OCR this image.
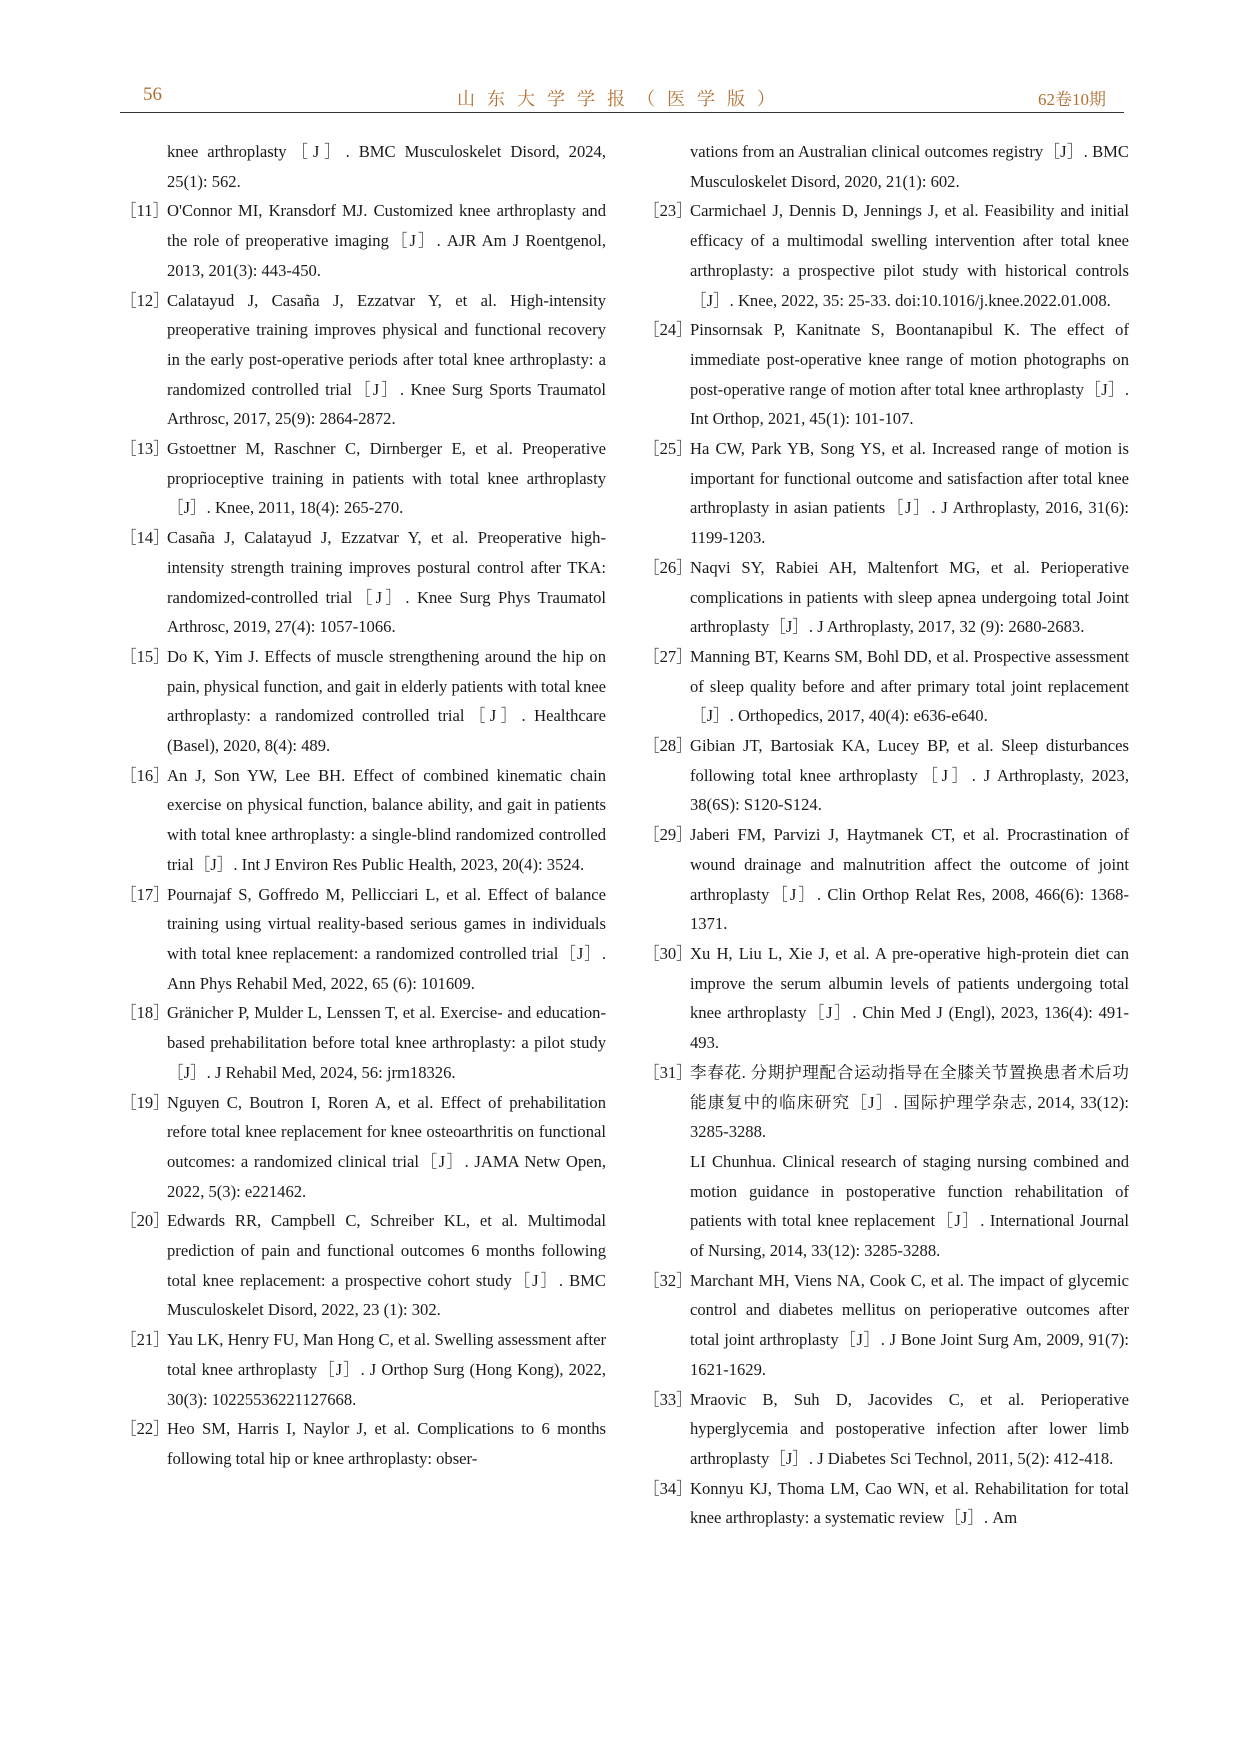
56	山东大学学报（医学版）	62卷10期
knee arthroplasty［J］. BMC Musculoskelet Disord, 2024, 25(1): 562.
［11］
O'Connor MI, Kransdorf MJ. Customized knee arthroplasty and the role of preoperative imaging［J］. AJR Am J Roentgenol, 2013, 201(3): 443-450.
［12］
Calatayud J, Casaña J, Ezzatvar Y, et al. High-intensity preoperative training improves physical and functional recovery in the early post-operative periods after total knee arthroplasty: a randomized controlled trial［J］. Knee Surg Sports Traumatol Arthrosc, 2017, 25(9): 2864-2872.
［13］
Gstoettner M, Raschner C, Dirnberger E, et al. Preoperative proprioceptive training in patients with total knee arthroplasty［J］. Knee, 2011, 18(4): 265-270.
［14］
Casaña J, Calatayud J, Ezzatvar Y, et al. Preoperative high-intensity strength training improves postural control after TKA: randomized-controlled trial［J］. Knee Surg Phys Traumatol Arthrosc, 2019, 27(4): 1057-1066.
［15］
Do K, Yim J. Effects of muscle strengthening around the hip on pain, physical function, and gait in elderly patients with total knee arthroplasty: a randomized controlled trial［J］. Healthcare (Basel), 2020, 8(4): 489.
［16］
An J, Son YW, Lee BH. Effect of combined kinematic chain exercise on physical function, balance ability, and gait in patients with total knee arthroplasty: a single-blind randomized controlled trial［J］. Int J Environ Res Public Health, 2023, 20(4): 3524.
［17］
Pournajaf S, Goffredo M, Pellicciari L, et al. Effect of balance training using virtual reality-based serious games in individuals with total knee replacement: a randomized controlled trial［J］. Ann Phys Rehabil Med, 2022, 65 (6): 101609.
［18］
Gränicher P, Mulder L, Lenssen T, et al. Exercise- and education-based prehabilitation before total knee arthroplasty: a pilot study［J］. J Rehabil Med, 2024, 56: jrm18326.
［19］
Nguyen C, Boutron I, Roren A, et al. Effect of prehabilitation refore total knee replacement for knee osteoarthritis on functional outcomes: a randomized clinical trial［J］. JAMA Netw Open, 2022, 5(3): e221462.
［20］
Edwards RR, Campbell C, Schreiber KL, et al. Multimodal prediction of pain and functional outcomes 6 months following total knee replacement: a prospective cohort study［J］. BMC Musculoskelet Disord, 2022, 23 (1): 302.
［21］
Yau LK, Henry FU, Man Hong C, et al. Swelling assessment after total knee arthroplasty［J］. J Orthop Surg (Hong Kong), 2022, 30(3): 10225536221127668.
［22］
Heo SM, Harris I, Naylor J, et al. Complications to 6 months following total hip or knee arthroplasty: obser-
vations from an Australian clinical outcomes registry［J］. BMC Musculoskelet Disord, 2020, 21(1): 602.
［23］
Carmichael J, Dennis D, Jennings J, et al. Feasibility and initial efficacy of a multimodal swelling intervention after total knee arthroplasty: a prospective pilot study with historical controls［J］. Knee, 2022, 35: 25-33. doi:10.1016/j.knee.2022.01.008.
［24］
Pinsornsak P, Kanitnate S, Boontanapibul K. The effect of immediate post-operative knee range of motion photographs on post-operative range of motion after total knee arthroplasty［J］. Int Orthop, 2021, 45(1): 101-107.
［25］
Ha CW, Park YB, Song YS, et al. Increased range of motion is important for functional outcome and satisfaction after total knee arthroplasty in asian patients［J］. J Arthroplasty, 2016, 31(6): 1199-1203.
［26］
Naqvi SY, Rabiei AH, Maltenfort MG, et al. Perioperative complications in patients with sleep apnea undergoing total Joint arthroplasty［J］. J Arthroplasty, 2017, 32 (9): 2680-2683.
［27］
Manning BT, Kearns SM, Bohl DD, et al. Prospective assessment of sleep quality before and after primary total joint replacement［J］. Orthopedics, 2017, 40(4): e636-e640.
［28］
Gibian JT, Bartosiak KA, Lucey BP, et al. Sleep disturbances following total knee arthroplasty［J］. J Arthroplasty, 2023, 38(6S): S120-S124.
［29］
Jaberi FM, Parvizi J, Haytmanek CT, et al. Procrastination of wound drainage and malnutrition affect the outcome of joint arthroplasty［J］. Clin Orthop Relat Res, 2008, 466(6): 1368-1371.
［30］
Xu H, Liu L, Xie J, et al. A pre-operative high-protein diet can improve the serum albumin levels of patients undergoing total knee arthroplasty［J］. Chin Med J (Engl), 2023, 136(4): 491-493.
［31］
李春花. 分期护理配合运动指导在全膝关节置换患者术后功能康复中的临床研究［J］. 国际护理学杂志, 2014, 33(12): 3285-3288.
LI Chunhua. Clinical research of staging nursing combined and motion guidance in postoperative function rehabilitation of patients with total knee replacement［J］. International Journal of Nursing, 2014, 33(12): 3285-3288.
［32］
Marchant MH, Viens NA, Cook C, et al. The impact of glycemic control and diabetes mellitus on perioperative outcomes after total joint arthroplasty［J］. J Bone Joint Surg Am, 2009, 91(7): 1621-1629.
［33］
Mraovic B, Suh D, Jacovides C, et al. Perioperative hyperglycemia and postoperative infection after lower limb arthroplasty［J］. J Diabetes Sci Technol, 2011, 5(2): 412-418.
［34］
Konnyu KJ, Thoma LM, Cao WN, et al. Rehabilitation for total knee arthroplasty: a systematic review［J］. Am
